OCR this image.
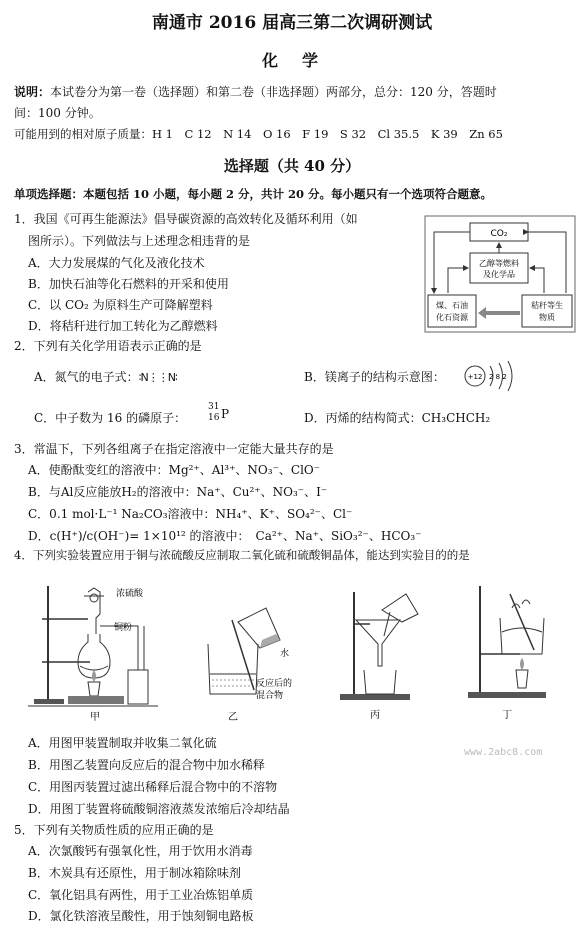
南通市 2016 届高三第二次调研测试
化　学
说明：本试卷分为第一卷（选择题）和第二卷（非选择题）两部分，总分：120 分，答题时
间：100 分钟。
可能用到的相对原子质量：H 1　C 12　N 14　O 16　F 19　S 32　Cl 35.5　K 39　Zn 65
选择题（共 40 分）
单项选择题：本题包括 10 小题，每小题 2 分，共计 20 分。每小题只有一个选项符合题意。
1．我国《可再生能源法》倡导碳资源的高效转化及循环利用（如
图所示）。下列做法与上述理念相违背的是
A．大力发展煤的气化及液化技术
B．加快石油等化石燃料的开采和使用
C．以 CO₂ 为原料生产可降解塑料
D．将秸秆进行加工转化为乙醇燃料
CO₂
乙醇等燃料
及化学品
煤、石油
化石资源
秸秆等生
物质
2．下列有关化学用语表示正确的是
A．氮气的电子式：∶N⋮⋮N∶	B．镁离子的结构示意图：	+12 2 8 2
C．中子数为 16 的磷原子：
31
16 P	D．丙烯的结构简式：CH₃CHCH₂
3．常温下，下列各组离子在指定溶液中一定能大量共存的是
A．使酚酞变红的溶液中：Mg²⁺、Al³⁺、NO₃⁻、ClO⁻
B．与Al反应能放H₂的溶液中：Na⁺、Cu²⁺、NO₃⁻、I⁻
C．0.1 mol·L⁻¹ Na₂CO₃溶液中：NH₄⁺、K⁺、SO₄²⁻、Cl⁻
D．c(H⁺)/c(OH⁻)= 1×10¹² 的溶液中：　Ca²⁺、Na⁺、SiO₃²⁻、HCO₃⁻
4．下列实验装置应用于铜与浓硫酸反应制取二氧化硫和硫酸铜晶体，能达到实验目的的是
浓硫酸
铜粉
甲
水
反应后的
混合物
乙	丙	丁
A．用图甲装置制取并收集二氧化硫
www.2abc8.com
B．用图乙装置向反应后的混合物中加水稀释
C．用图丙装置过滤出稀释后混合物中的不溶物
D．用图丁装置将硫酸铜溶液蒸发浓缩后冷却结晶
5．下列有关物质性质的应用正确的是
A．次氯酸钙有强氧化性，用于饮用水消毒
B．木炭具有还原性，用于制冰箱除味剂
C．氧化铝具有两性，用于工业冶炼铝单质
D．氯化铁溶液呈酸性，用于蚀刻铜电路板
